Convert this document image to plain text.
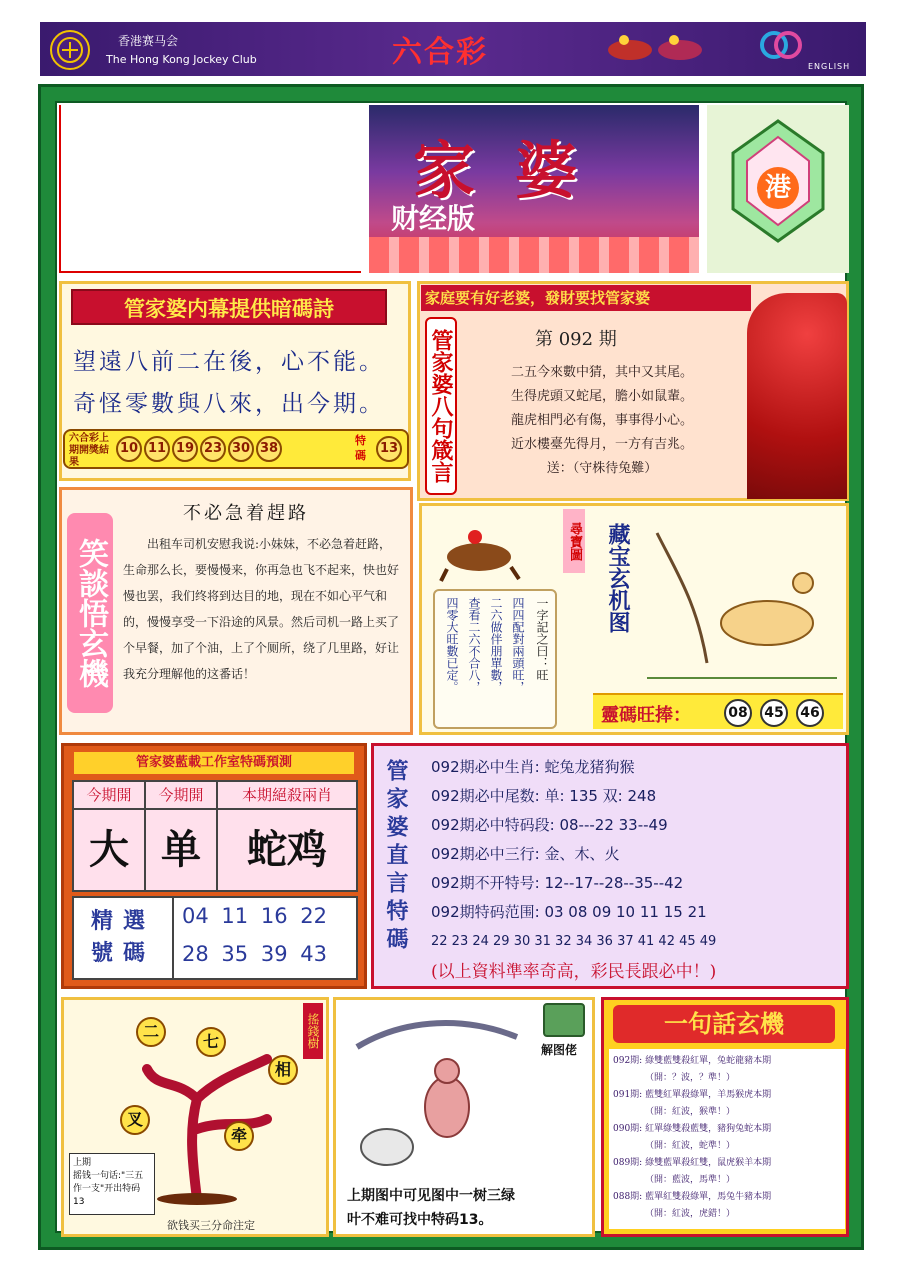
香港赛马会
The Hong Kong Jockey Club	六合彩	ENGLISH
家婆
财经版
港
管家婆内幕提供暗碼詩
望遠八前二在後，心不能。
奇怪零數與八來，出今期。
六合彩上期開獎結果
10 11 19 23 30 38
特碼	13
家庭要有好老婆，發財要找管家婆
管家婆八句箴言	第 092 期
二五今來數中猜，其中又其尾。
生得虎頭又蛇尾，膽小如鼠輩。
龍虎相門必有傷，事事得小心。
近水樓臺先得月，一方有吉兆。
送：（守株待兔難）
笑談悟玄機
不必急着趕路
出租车司机安慰我说:小妹妹，不必急着赶路，生命那么长，要慢慢来，你再急也飞不起来，快也好慢也罢，我们终将到达目的地，现在不如心平气和的，慢慢享受一下沿途的风景。然后司机一路上买了个早餐，加了个油，上了个厕所，绕了几里路，好让我充分理解他的这番话！	一字記之曰：旺
四四配對兩頭旺，
二六做伴朋單數，
查看二六不合八，
四零大旺數已定。
尋寶圖 藏宝玄机图
靈碼旺捧：	08	45	46
管家婆藍載工作室特碼預測
今期開	今期開	本期絕殺兩肖
大 单	蛇鸡
精選號碼
04 11 16 22
28 35 39 43	管家婆直言特碼 092期必中生肖: 蛇兔龙猪狗猴
092期必中尾数: 单: 135 双: 248
092期必中特码段: 08---22 33--49
092期必中三行: 金、木、火
092期不开特号: 12--17--28--35--42
092期特码范围: 03 08 09 10 11 15 21
22 23 24 29 30 31 32 34 36 37 41 42 45 49
(以上資料準率奇高，彩民長跟必中！)
搖錢樹
二
七
相
叉
牵
上期
摇钱一句话:"三五作一支"开出特码13
欲钱买三分命注定
解图佬
上期图中可见图中一树三绿
叶不难可找中特码13。
一句話玄機
092期: 綠雙藍雙殺紅單，兔蛇龍豬本期
（開：？波，？準！）
091期: 藍雙紅單殺綠單，羊馬猴虎本期
（開：紅波，猴準！）
090期: 紅單綠雙殺藍雙，豬狗兔蛇本期
（開：紅波，蛇準！）
089期: 綠雙藍單殺紅雙，鼠虎猴羊本期
（開：藍波，馬準！）
088期: 藍單紅雙殺綠單，馬兔牛豬本期
（開：紅波，虎錯！）
